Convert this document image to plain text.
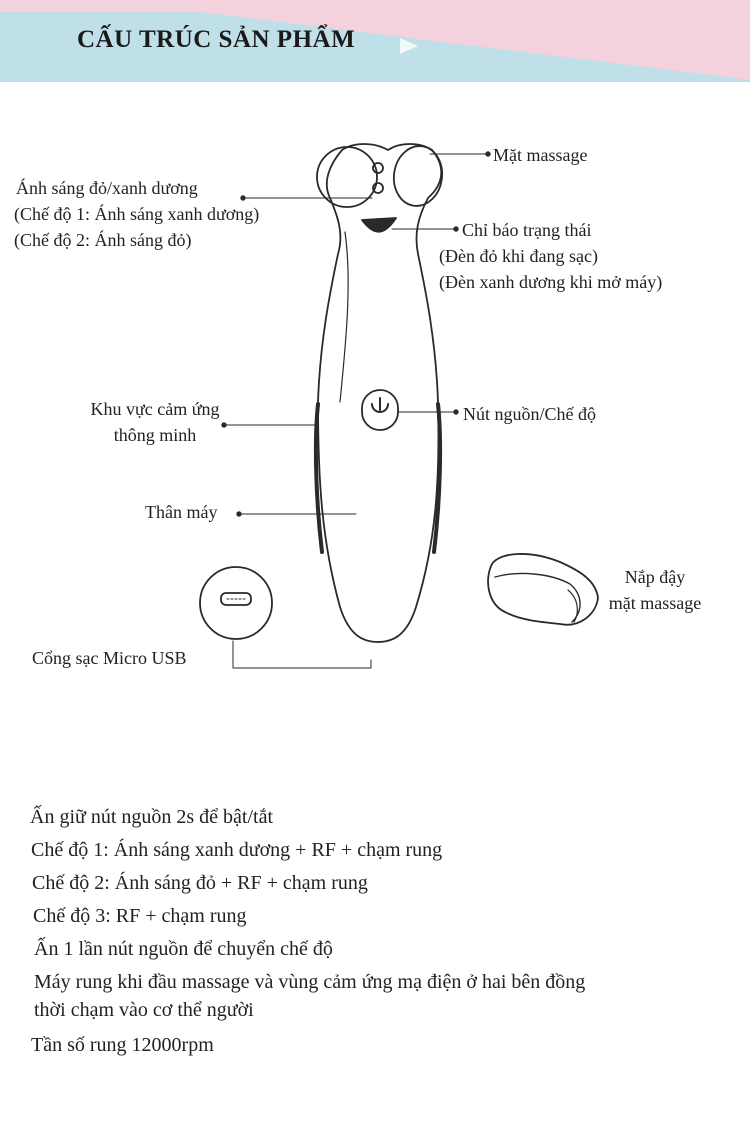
CẤU TRÚC SẢN PHẨM
Mặt massage
Ánh sáng đỏ/xanh dương
(Chế độ 1: Ánh sáng xanh dương)
(Chế độ 2: Ánh sáng đỏ)	Chỉ báo trạng thái
(Đèn đỏ khi đang sạc)
(Đèn xanh dương khi mở máy)
Khu vực cảm ứng
thông minh
Nút nguồn/Chế độ
Thân máy
Nắp đậy
mặt massage
Cổng sạc Micro USB

Ấn giữ nút nguồn 2s để bật/tắt

Chế độ 1: Ánh sáng xanh dương + RF + chạm rung

Chế độ 2: Ánh sáng đỏ + RF + chạm rung

Chế độ 3: RF + chạm rung

Ấn 1 lần nút nguồn để chuyển chế độ

Máy rung khi đầu massage và vùng cảm ứng mạ điện ở hai bên đồng

thời chạm vào cơ thể người

Tần số rung 12000rpm
